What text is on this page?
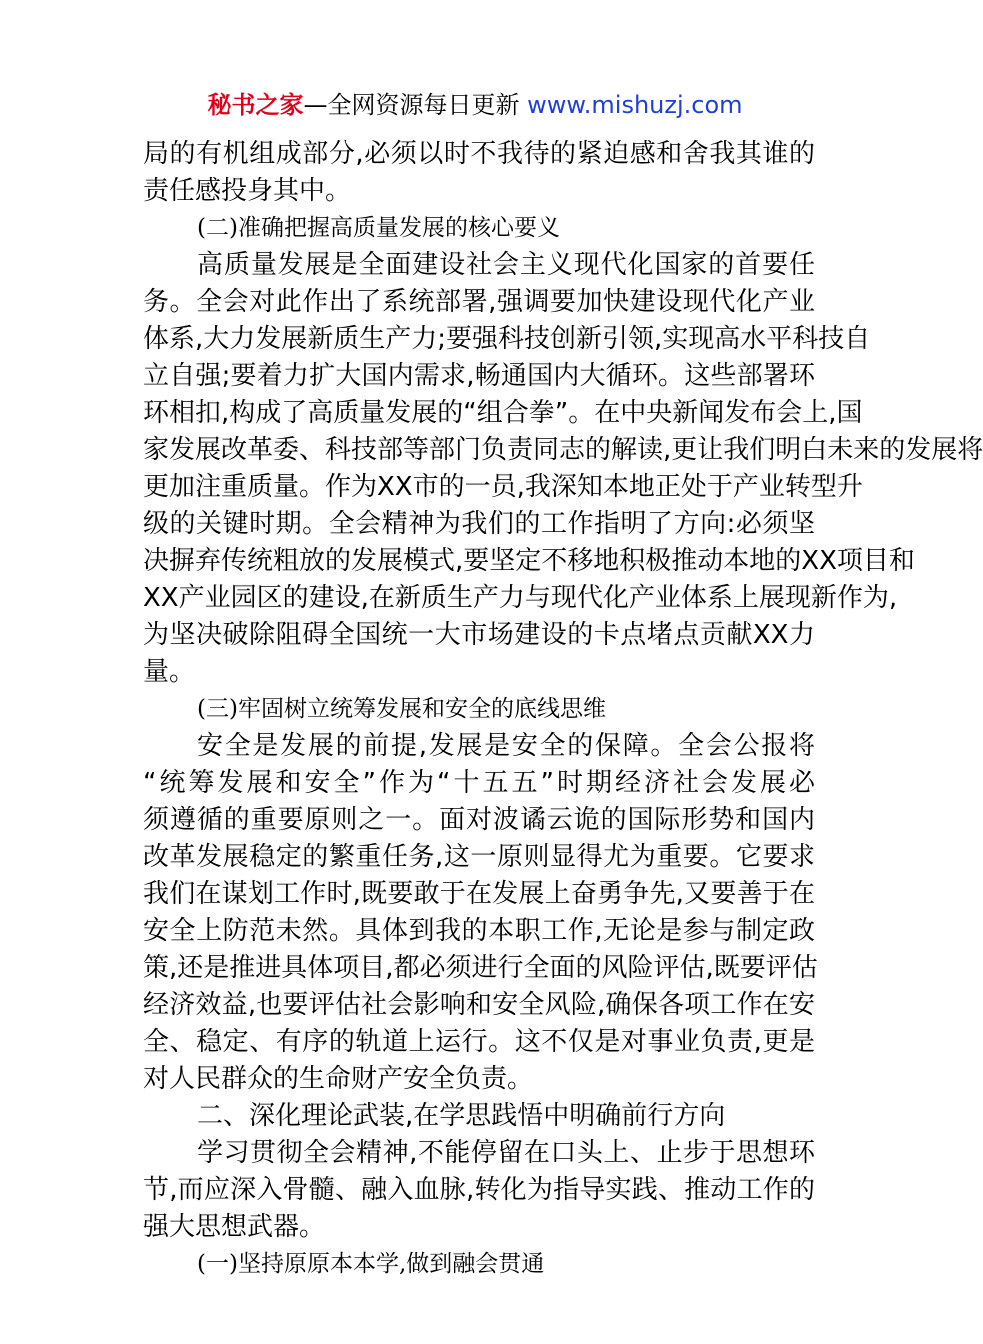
秘书之家—全网资源每日更新 www.mishuzj.com
局的有机组成部分,必须以时不我待的紧迫感和舍我其谁的
责任感投身其中。
(二)准确把握高质量发展的核心要义
高质量发展是全面建设社会主义现代化国家的首要任
务。全会对此作出了系统部署,强调要加快建设现代化产业
体系,大力发展新质生产力;要强科技创新引领,实现高水平科技自
立自强;要着力扩大国内需求,畅通国内大循环。这些部署环
环相扣,构成了高质量发展的“组合拳”。在中央新闻发布会上,国
家发展改革委、科技部等部门负责同志的解读,更让我们明白未来的发展将
更加注重质量。作为XX市的一员,我深知本地正处于产业转型升
级的关键时期。全会精神为我们的工作指明了方向:必须坚
决摒弃传统粗放的发展模式,要坚定不移地积极推动本地的XX项目和
XX产业园区的建设,在新质生产力与现代化产业体系上展现新作为,
为坚决破除阻碍全国统一大市场建设的卡点堵点贡献XX力
量。
(三)牢固树立统筹发展和安全的底线思维
安全是发展的前提,发展是安全的保障。全会公报将
“统筹发展和安全”作为“十五五”时期经济社会发展必
须遵循的重要原则之一。面对波谲云诡的国际形势和国内
改革发展稳定的繁重任务,这一原则显得尤为重要。它要求
我们在谋划工作时,既要敢于在发展上奋勇争先,又要善于在
安全上防范未然。具体到我的本职工作,无论是参与制定政
策,还是推进具体项目,都必须进行全面的风险评估,既要评估
经济效益,也要评估社会影响和安全风险,确保各项工作在安
全、稳定、有序的轨道上运行。这不仅是对事业负责,更是
对人民群众的生命财产安全负责。
二、深化理论武装,在学思践悟中明确前行方向
学习贯彻全会精神,不能停留在口头上、止步于思想环
节,而应深入骨髓、融入血脉,转化为指导实践、推动工作的
强大思想武器。
(一)坚持原原本本学,做到融会贯通
